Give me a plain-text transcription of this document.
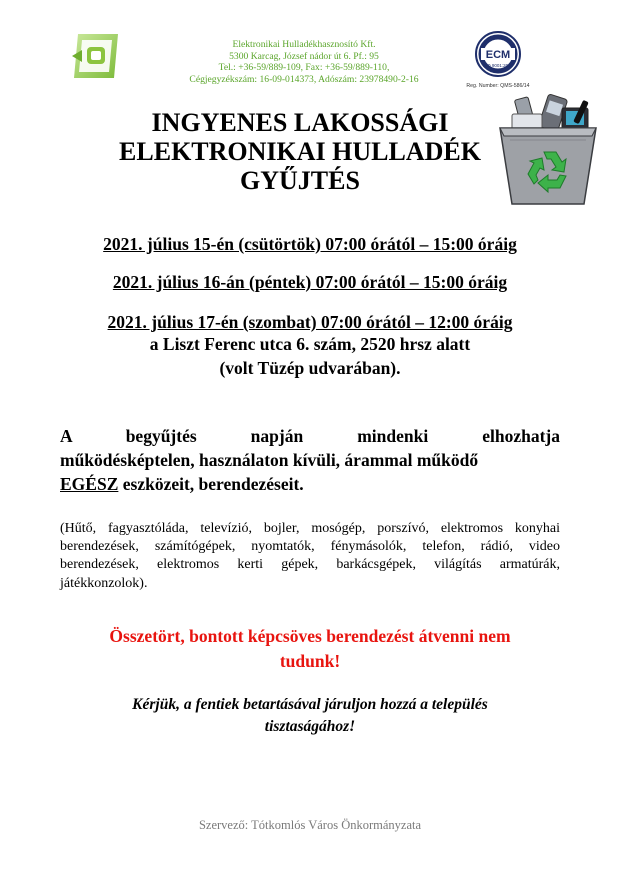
Elektronikai Hulladékhasznosító Kft.
5300 Karcag, József nádor út 6. Pf.: 95
Tel.: +36-59/889-109, Fax: +36-59/889-110,
Cégjegyzékszám: 16-09-014373, Adószám: 23978490-2-16
ECM
ISO 9001:2008
Reg. Number: QMS-586/14
INGYENES LAKOSSÁGI
ELEKTRONIKAI HULLADÉK
GYŰJTÉS
2021. július 15-én (csütörtök) 07:00 órától – 15:00 óráig
2021. július 16-án (péntek) 07:00 órától – 15:00 óráig
2021. július 17-én (szombat) 07:00 órától – 12:00 óráig
a Liszt Ferenc utca 6. szám, 2520 hrsz alatt
(volt Tüzép udvarában).
A begyűjtés napján mindenki elhozhatja
működésképtelen, használaton kívüli, árammal működő
EGÉSZ eszközeit, berendezéseit.
(Hűtő, fagyasztóláda, televízió, bojler, mosógép, porszívó, elektromos konyhai berendezések, számítógépek, nyomtatók, fénymásolók, telefon, rádió, video berendezések, elektromos kerti gépek, barkácsgépek, világítás armatúrák, játékkonzolok).
Összetört, bontott képcsöves berendezést átvenni nem
tudunk!
Kérjük, a fentiek betartásával járuljon hozzá a település
tisztaságához!
Szervező: Tótkomlós Város Önkormányzata
